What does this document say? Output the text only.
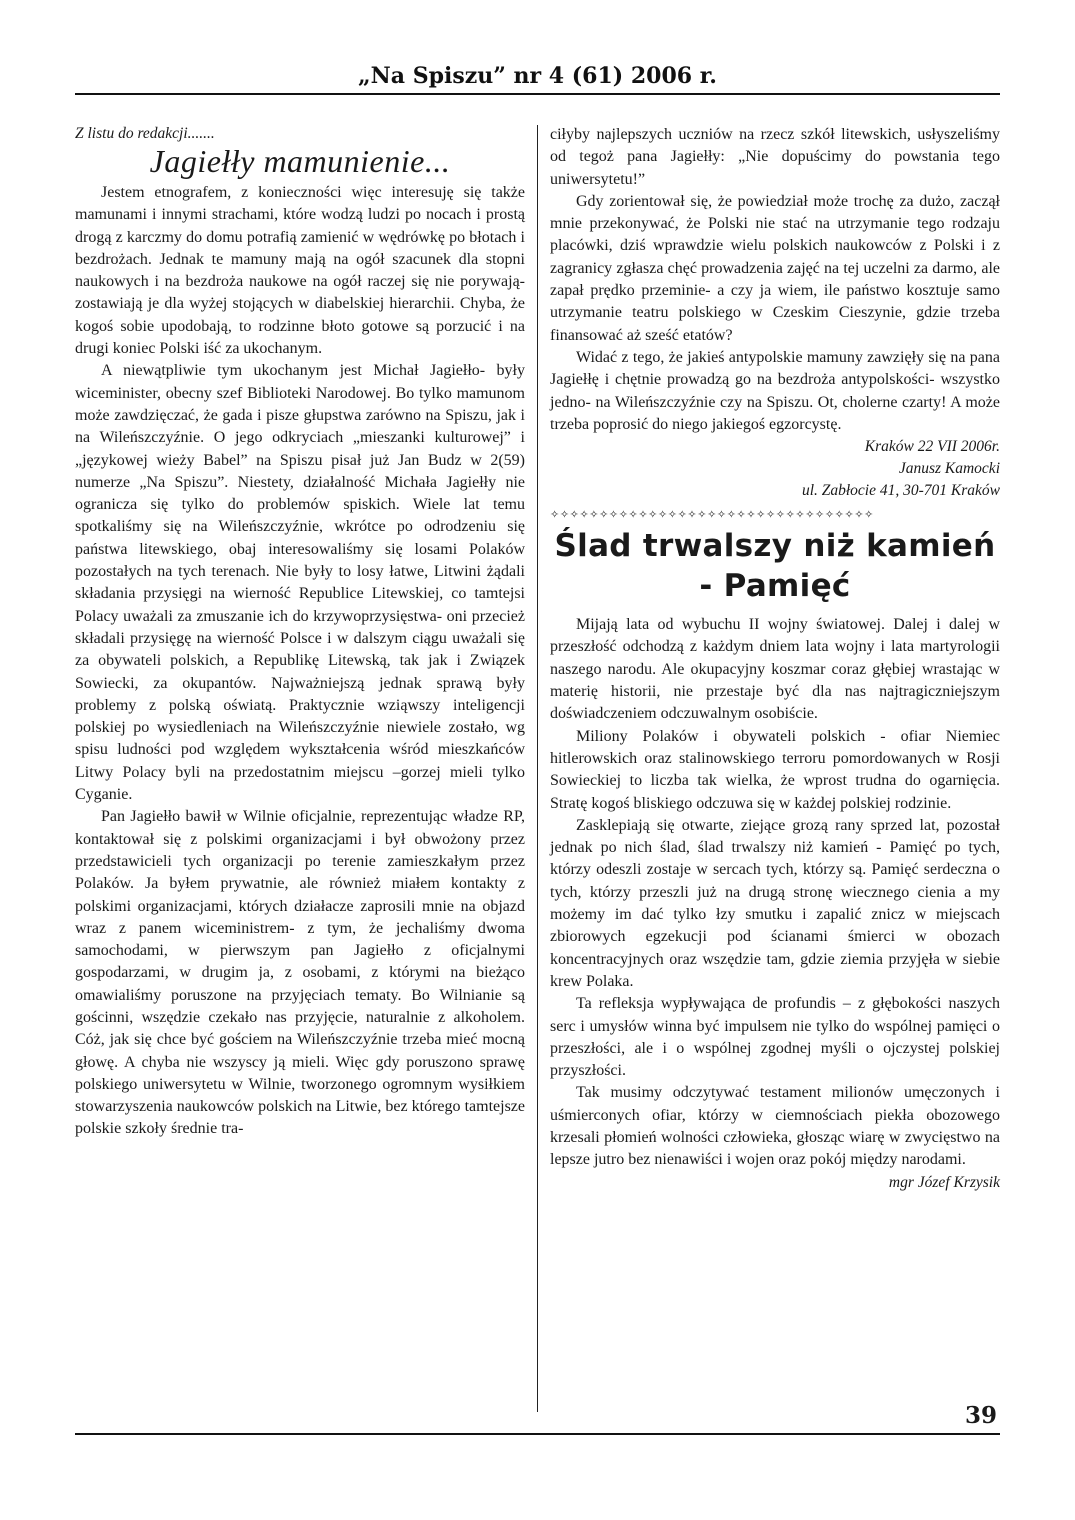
„Na Spiszu” nr 4 (61) 2006 r.

Z listu do redakcji.......

Jagiełły mamunienie...

Jestem etnografem, z konieczności więc interesuję się także mamunami i innymi strachami, które wodzą ludzi po nocach i prostą drogą z karczmy do domu potrafią zamienić w wędrówkę po błotach i bezdrożach. Jednak te mamuny mają na ogół szacunek dla stopni naukowych i na bezdroża naukowe na ogół raczej się nie porywają- zostawiają je dla wyżej stojących w diabelskiej hierarchii. Chyba, że kogoś sobie upodobają, to rodzinne błoto gotowe są porzucić i na drugi koniec Polski iść za ukochanym.

A niewątpliwie tym ukochanym jest Michał Jagiełło- były wiceminister, obecny szef Biblioteki Narodowej. Bo tylko mamunom może zawdzięczać, że gada i pisze głupstwa zarówno na Spiszu, jak i na Wileńszczyźnie. O jego odkryciach „mieszanki kulturowej” i „językowej wieży Babel” na Spiszu pisał już Jan Budz w 2(59) numerze „Na Spiszu”. Niestety, działalność Michała Jagiełły nie ogranicza się tylko do problemów spiskich. Wiele lat temu spotkaliśmy się na Wileńszczyźnie, wkrótce po odrodzeniu się państwa litewskiego, obaj interesowaliśmy się losami Polaków pozostałych na tych terenach. Nie były to losy łatwe, Litwini żądali składania przysięgi na wierność Republice Litewskiej, co tamtejsi Polacy uważali za zmuszanie ich do krzywoprzysięstwa- oni przecież składali przysięgę na wierność Polsce i w dalszym ciągu uważali się za obywateli polskich, a Republikę Litewską, tak jak i Związek Sowiecki, za okupantów. Najważniejszą jednak sprawą były problemy z polską oświatą. Praktycznie wziąwszy inteligencji polskiej po wysiedleniach na Wileńszczyźnie niewiele zostało, wg spisu ludności pod względem wykształcenia wśród mieszkańców Litwy Polacy byli na przedostatnim miejscu –gorzej mieli tylko Cyganie.

Pan Jagiełło bawił w Wilnie oficjalnie, reprezentując władze RP, kontaktował się z polskimi organizacjami i był obwożony przez przedstawicieli tych organizacji po terenie zamieszkałym przez Polaków. Ja byłem prywatnie, ale również miałem kontakty z polskimi organizacjami, których działacze zaprosili mnie na objazd wraz z panem wiceministrem- z tym, że jechaliśmy dwoma samochodami, w pierwszym pan Jagiełło z oficjalnymi gospodarzami, w drugim ja, z osobami, z którymi na bieżąco omawialiśmy poruszone na przyjęciach tematy. Bo Wilnianie są gościnni, wszędzie czekało nas przyjęcie, naturalnie z alkoholem. Cóż, jak się chce być gościem na Wileńszczyźnie trzeba mieć mocną głowę. A chyba nie wszyscy ją mieli. Więc gdy poruszono sprawę polskiego uniwersytetu w Wilnie, tworzonego ogromnym wysiłkiem stowarzyszenia naukowców polskich na Litwie, bez którego tamtejsze polskie szkoły średnie tra-

ciłyby najlepszych uczniów na rzecz szkół litewskich, usłyszeliśmy od tegoż pana Jagiełły: „Nie dopuścimy do powstania tego uniwersytetu!”

Gdy zorientował się, że powiedział może trochę za dużo, zaczął mnie przekonywać, że Polski nie stać na utrzymanie tego rodzaju placówki, dziś wprawdzie wielu polskich naukowców z Polski i z zagranicy zgłasza chęć prowadzenia zajęć na tej uczelni za darmo, ale zapał prędko przeminie- a czy ja wiem, ile państwo kosztuje samo utrzymanie teatru polskiego w Czeskim Cieszynie, gdzie trzeba finansować aż sześć etatów?

Widać z tego, że jakieś antypolskie mamuny zawzięły się na pana Jagiełłę i chętnie prowadzą go na bezdroża antypolskości- wszystko jedno- na Wileńszczyźnie czy na Spiszu. Ot, cholerne czarty! A może trzeba poprosić do niego jakiegoś egzorcystę.

Kraków 22 VII 2006r.

Janusz Kamocki

ul. Zabłocie 41, 30-701 Kraków

✧✧✧✧✧✧✧✧✧✧✧✧✧✧✧✧✧✧✧✧✧✧✧✧✧✧✧✧✧✧✧✧✧
Ślad trwalszy niż kamień
- Pamięć

Mijają lata od wybuchu II wojny światowej. Dalej i dalej w przeszłość odchodzą z każdym dniem lata wojny i lata martyrologii naszego narodu. Ale okupacyjny koszmar coraz głębiej wrastając w materię historii, nie przestaje być dla nas najtragiczniejszym doświadczeniem odczuwalnym osobiście.

Miliony Polaków i obywateli polskich - ofiar Niemiec hitlerowskich oraz stalinowskiego terroru pomordowanych w Rosji Sowieckiej to liczba tak wielka, że wprost trudna do ogarnięcia. Stratę kogoś bliskiego odczuwa się w każdej polskiej rodzinie.

Zasklepiają się otwarte, ziejące grozą rany sprzed lat, pozostał jednak po nich ślad, ślad trwalszy niż kamień - Pamięć po tych, którzy odeszli zostaje w sercach tych, którzy są. Pamięć serdeczna o tych, którzy przeszli już na drugą stronę wiecznego cienia a my możemy im dać tylko łzy smutku i zapalić znicz w miejscach zbiorowych egzekucji pod ścianami śmierci w obozach koncentracyjnych oraz wszędzie tam, gdzie ziemia przyjęła w siebie krew Polaka.

Ta refleksja wypływająca de profundis – z głębokości naszych serc i umysłów winna być impulsem nie tylko do wspólnej pamięci o przeszłości, ale i o wspólnej zgodnej myśli o ojczystej polskiej przyszłości.

Tak musimy odczytywać testament milionów umęczonych i uśmierconych ofiar, którzy w ciemnościach piekła obozowego krzesali płomień wolności człowieka, głosząc wiarę w zwycięstwo na lepsze jutro bez nienawiści i wojen oraz pokój między narodami.

mgr Józef Krzysik

39
